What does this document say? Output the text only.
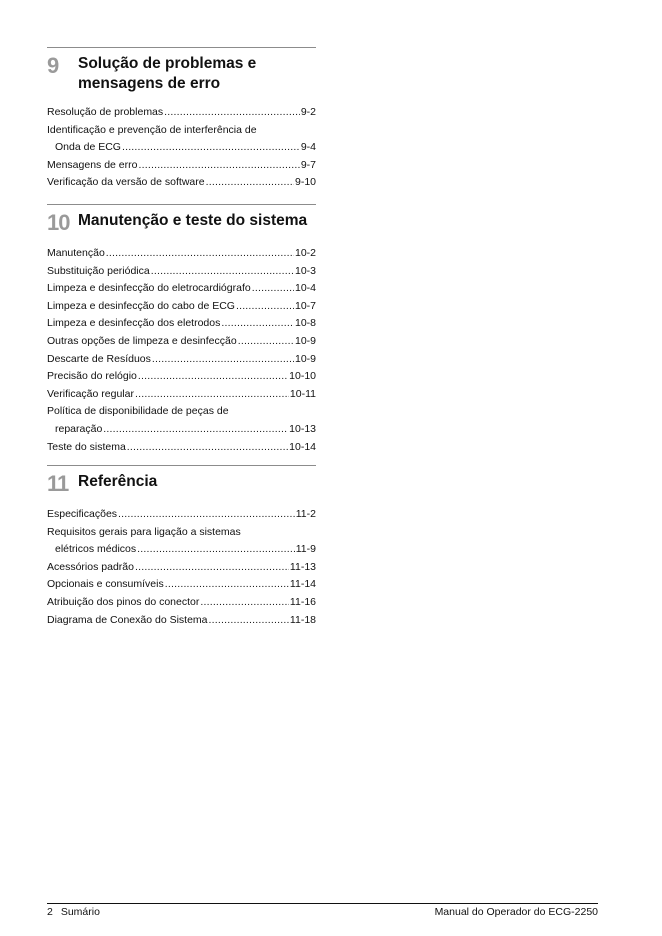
9	Solução de problemas e
mensagens de erro
Resolução de problemas .....	9-2
Identificação e prevenção de interferência de
Onda de ECG .....	9-4
Mensagens de erro .....	9-7
Verificação da versão de software .....	9-10
10 Manutenção e teste do sistema
Manutenção .....	10-2
Substituição periódica .....	10-3
Limpeza e desinfecção do eletrocardiógrafo .....	10-4
Limpeza e desinfecção do cabo de ECG .....	10-7
Limpeza e desinfecção dos eletrodos .....	10-8
Outras opções de limpeza e desinfecção .....	10-9
Descarte de Resíduos .....	10-9
Precisão do relógio .....	10-10
Verificação regular .....	10-11
Política de disponibilidade de peças de
reparação .....	10-13
Teste do sistema .....	10-14
11 Referência
Especificações .....	11-2
Requisitos gerais para ligação a sistemas
elétricos médicos .....	11-9
Acessórios padrão .....	11-13
Opcionais e consumíveis .....	11-14
Atribuição dos pinos do conector .....	11-16
Diagrama de Conexão do Sistema .....	11-18
2 Sumário	Manual do Operador do ECG-2250
